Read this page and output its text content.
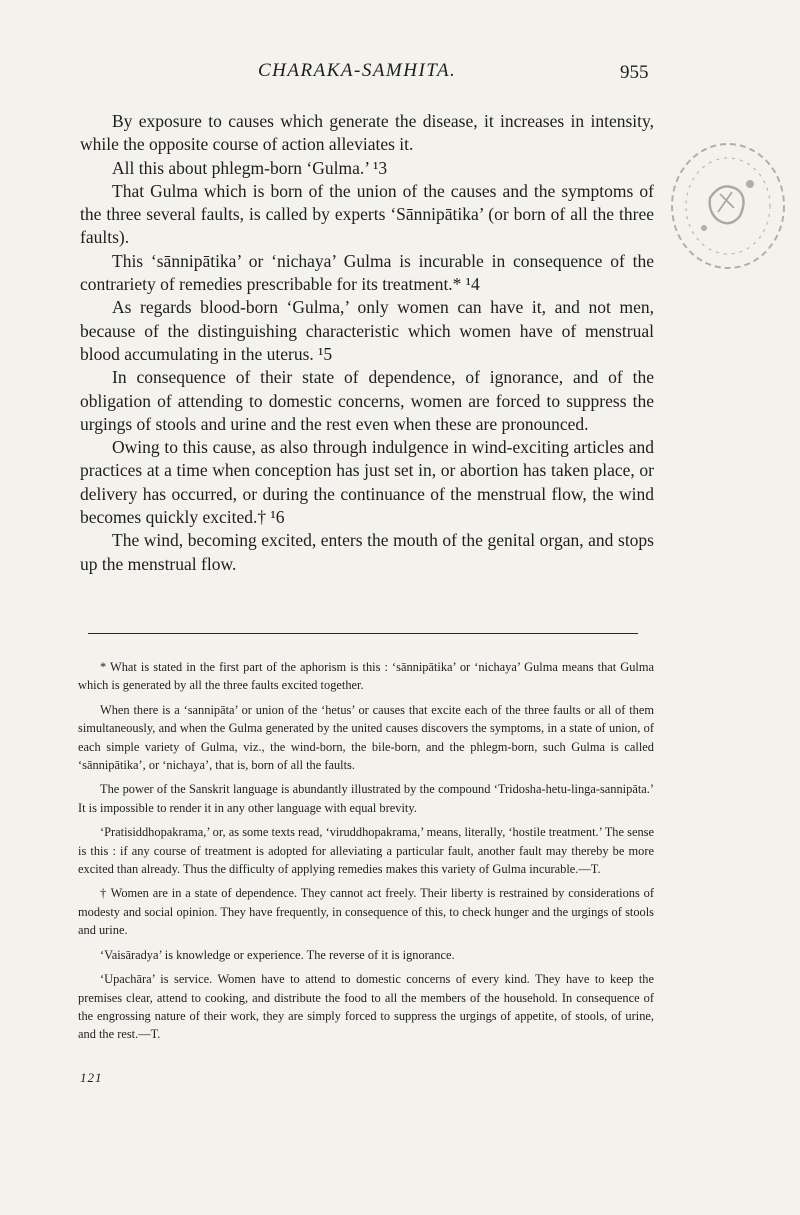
CHARAKA-SAMHITA.	955

By exposure to causes which generate the disease, it increases in intensity, while the opposite course of action alleviates it.

All this about phlegm-born ‘Gulma.’ ¹3

That Gulma which is born of the union of the causes and the symptoms of the three several faults, is called by experts ‘Sānnipātika’ (or born of all the three faults).

This ‘sānnipātika’ or ‘nichaya’ Gulma is incurable in consequence of the contrariety of remedies prescribable for its treatment.* ¹4

As regards blood-born ‘Gulma,’ only women can have it, and not men, because of the distinguishing characteristic which women have of menstrual blood accumulating in the uterus. ¹5

In consequence of their state of dependence, of ignorance, and of the obligation of attending to domestic concerns, women are forced to suppress the urgings of stools and urine and the rest even when these are pronounced.

Owing to this cause, as also through indulgence in wind-exciting articles and practices at a time when conception has just set in, or abortion has taken place, or delivery has occurred, or during the continuance of the menstrual flow, the wind becomes quickly excited.† ¹6

The wind, becoming excited, enters the mouth of the genital organ, and stops up the menstrual flow.

* What is stated in the first part of the aphorism is this : ‘sānnipātika’ or ‘nichaya’ Gulma means that Gulma which is generated by all the three faults excited together.

When there is a ‘sannipāta’ or union of the ‘hetus’ or causes that excite each of the three faults or all of them simultaneously, and when the Gulma generated by the united causes discovers the symptoms, in a state of union, of each simple variety of Gulma, viz., the wind-born, the bile-born, and the phlegm-born, such Gulma is called ‘sānnipātika’, or ‘nichaya’, that is, born of all the faults.

The power of the Sanskrit language is abundantly illustrated by the compound ‘Tridosha-hetu-linga-sannipāta.’ It is impossible to render it in any other language with equal brevity.

‘Pratisiddhopakrama,’ or, as some texts read, ‘viruddhopakrama,’ means, literally, ‘hostile treatment.’ The sense is this : if any course of treatment is adopted for alleviating a particular fault, another fault may thereby be more excited than already. Thus the difficulty of applying remedies makes this variety of Gulma incurable.—T.

† Women are in a state of dependence. They cannot act freely. Their liberty is restrained by considerations of modesty and social opinion. They have frequently, in consequence of this, to check hunger and the urgings of stools and urine.

‘Vaisāradya’ is knowledge or experience. The reverse of it is ignorance.

‘Upachāra’ is service. Women have to attend to domestic concerns of every kind. They have to keep the premises clear, attend to cooking, and distribute the food to all the members of the household. In consequence of the engrossing nature of their work, they are simply forced to suppress the urgings of appetite, of stools, of urine, and the rest.—T.

121
